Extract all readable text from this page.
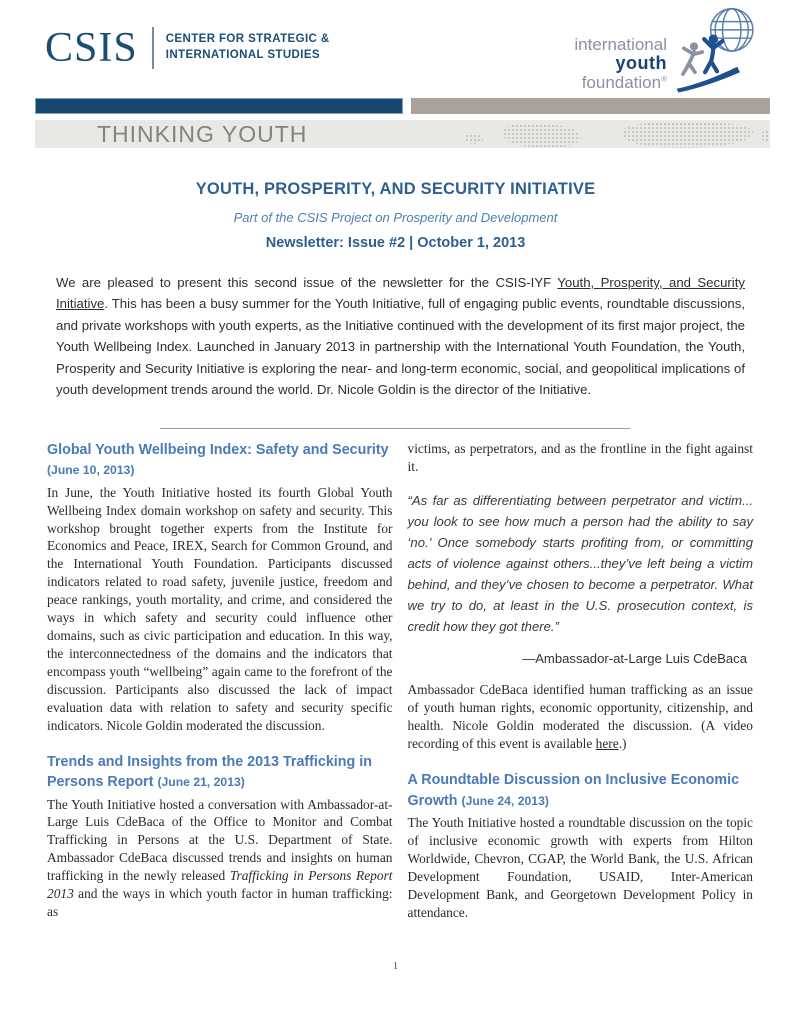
CSIS CENTER FOR STRATEGIC &
INTERNATIONAL STUDIES
international
youth
foundation®
THINKING YOUTH
YOUTH, PROSPERITY, AND SECURITY INITIATIVE
Part of the CSIS Project on Prosperity and Development
Newsletter: Issue #2 | October 1, 2013

We are pleased to present this second issue of the newsletter for the CSIS-IYF Youth, Prosperity, and Security Initiative. This has been a busy summer for the Youth Initiative, full of engaging public events, roundtable discussions, and private workshops with youth experts, as the Initiative continued with the development of its first major project, the Youth Wellbeing Index. Launched in January 2013 in partnership with the International Youth Foundation, the Youth, Prosperity and Security Initiative is exploring the near- and long-term economic, social, and geopolitical implications of youth development trends around the world. Dr. Nicole Goldin is the director of the Initiative.

Global Youth Wellbeing Index: Safety and Security (June 10, 2013)

In June, the Youth Initiative hosted its fourth Global Youth Wellbeing Index domain workshop on safety and security. This workshop brought together experts from the Institute for Economics and Peace, IREX, Search for Common Ground, and the International Youth Foundation. Participants discussed indicators related to road safety, juvenile justice, freedom and peace rankings, youth mortality, and crime, and considered the ways in which safety and security could influence other domains, such as civic participation and education. In this way, the interconnectedness of the domains and the indicators that encompass youth “wellbeing” again came to the forefront of the discussion. Participants also discussed the lack of impact evaluation data with relation to safety and security specific indicators. Nicole Goldin moderated the discussion.

Trends and Insights from the 2013 Trafficking in Persons Report (June 21, 2013)

The Youth Initiative hosted a conversation with Ambassador-at-Large Luis CdeBaca of the Office to Monitor and Combat Trafficking in Persons at the U.S. Department of State. Ambassador CdeBaca discussed trends and insights on human trafficking in the newly released Trafficking in Persons Report 2013 and the ways in which youth factor in human trafficking: as

victims, as perpetrators, and as the frontline in the fight against it.

“As far as differentiating between perpetrator and victim... you look to see how much a person had the ability to say ‘no.’ Once somebody starts profiting from, or committing acts of violence against others...they’ve left being a victim behind, and they’ve chosen to become a perpetrator. What we try to do, at least in the U.S. prosecution context, is credit how they got there.”

—Ambassador-at-Large Luis CdeBaca

Ambassador CdeBaca identified human trafficking as an issue of youth human rights, economic opportunity, citizenship, and health. Nicole Goldin moderated the discussion. (A video recording of this event is available here.)

A Roundtable Discussion on Inclusive Economic Growth (June 24, 2013)

The Youth Initiative hosted a roundtable discussion on the topic of inclusive economic growth with experts from Hilton Worldwide, Chevron, CGAP, the World Bank, the U.S. African Development Foundation, USAID, Inter-American Development Bank, and Georgetown Development Policy in attendance.

1
